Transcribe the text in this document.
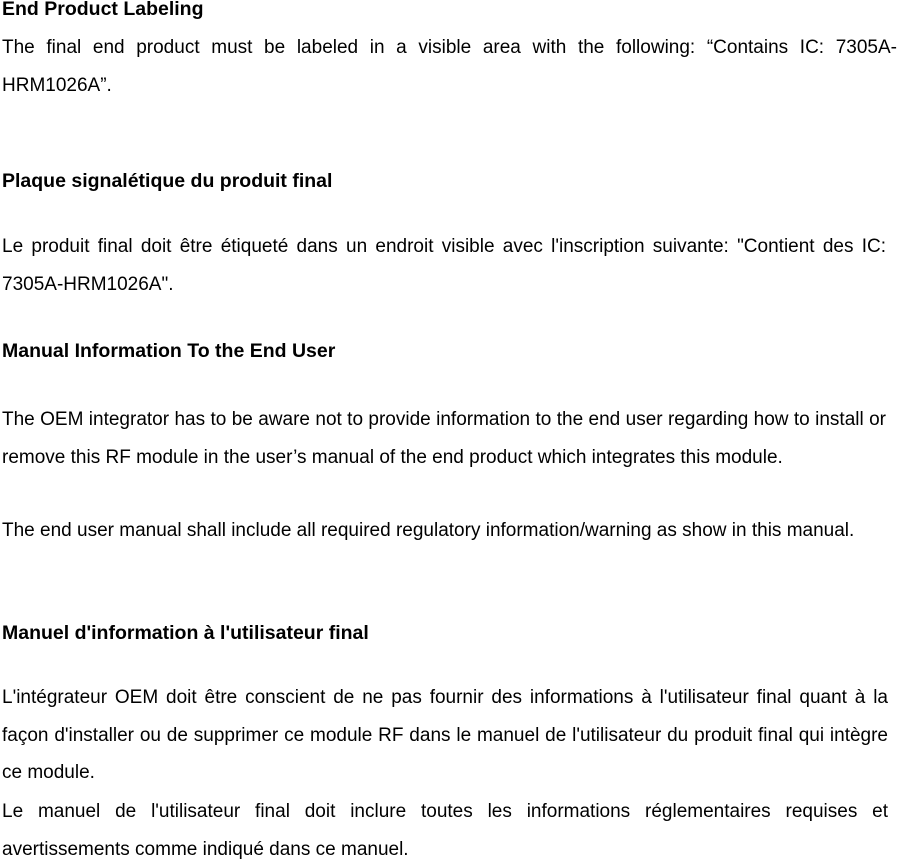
End Product Labeling

The final end product must be labeled in a visible area with the following: “Contains IC: 7305A-HRM1026A”.

Plaque signalétique du produit final

Le produit final doit être étiqueté dans un endroit visible avec l'inscription suivante: "Contient des IC: 7305A-HRM1026A".

Manual Information To the End User

The OEM integrator has to be aware not to provide information to the end user regarding how to install or remove this RF module in the user’s manual of the end product which integrates this module.

The end user manual shall include all required regulatory information/warning as show in this manual.

Manuel d'information à l'utilisateur final

L'intégrateur OEM doit être conscient de ne pas fournir des informations à l'utilisateur final quant à la façon d'installer ou de supprimer ce module RF dans le manuel de l'utilisateur du produit final qui intègre ce module.

Le manuel de l'utilisateur final doit inclure toutes les informations réglementaires requises et avertissements comme indiqué dans ce manuel.
